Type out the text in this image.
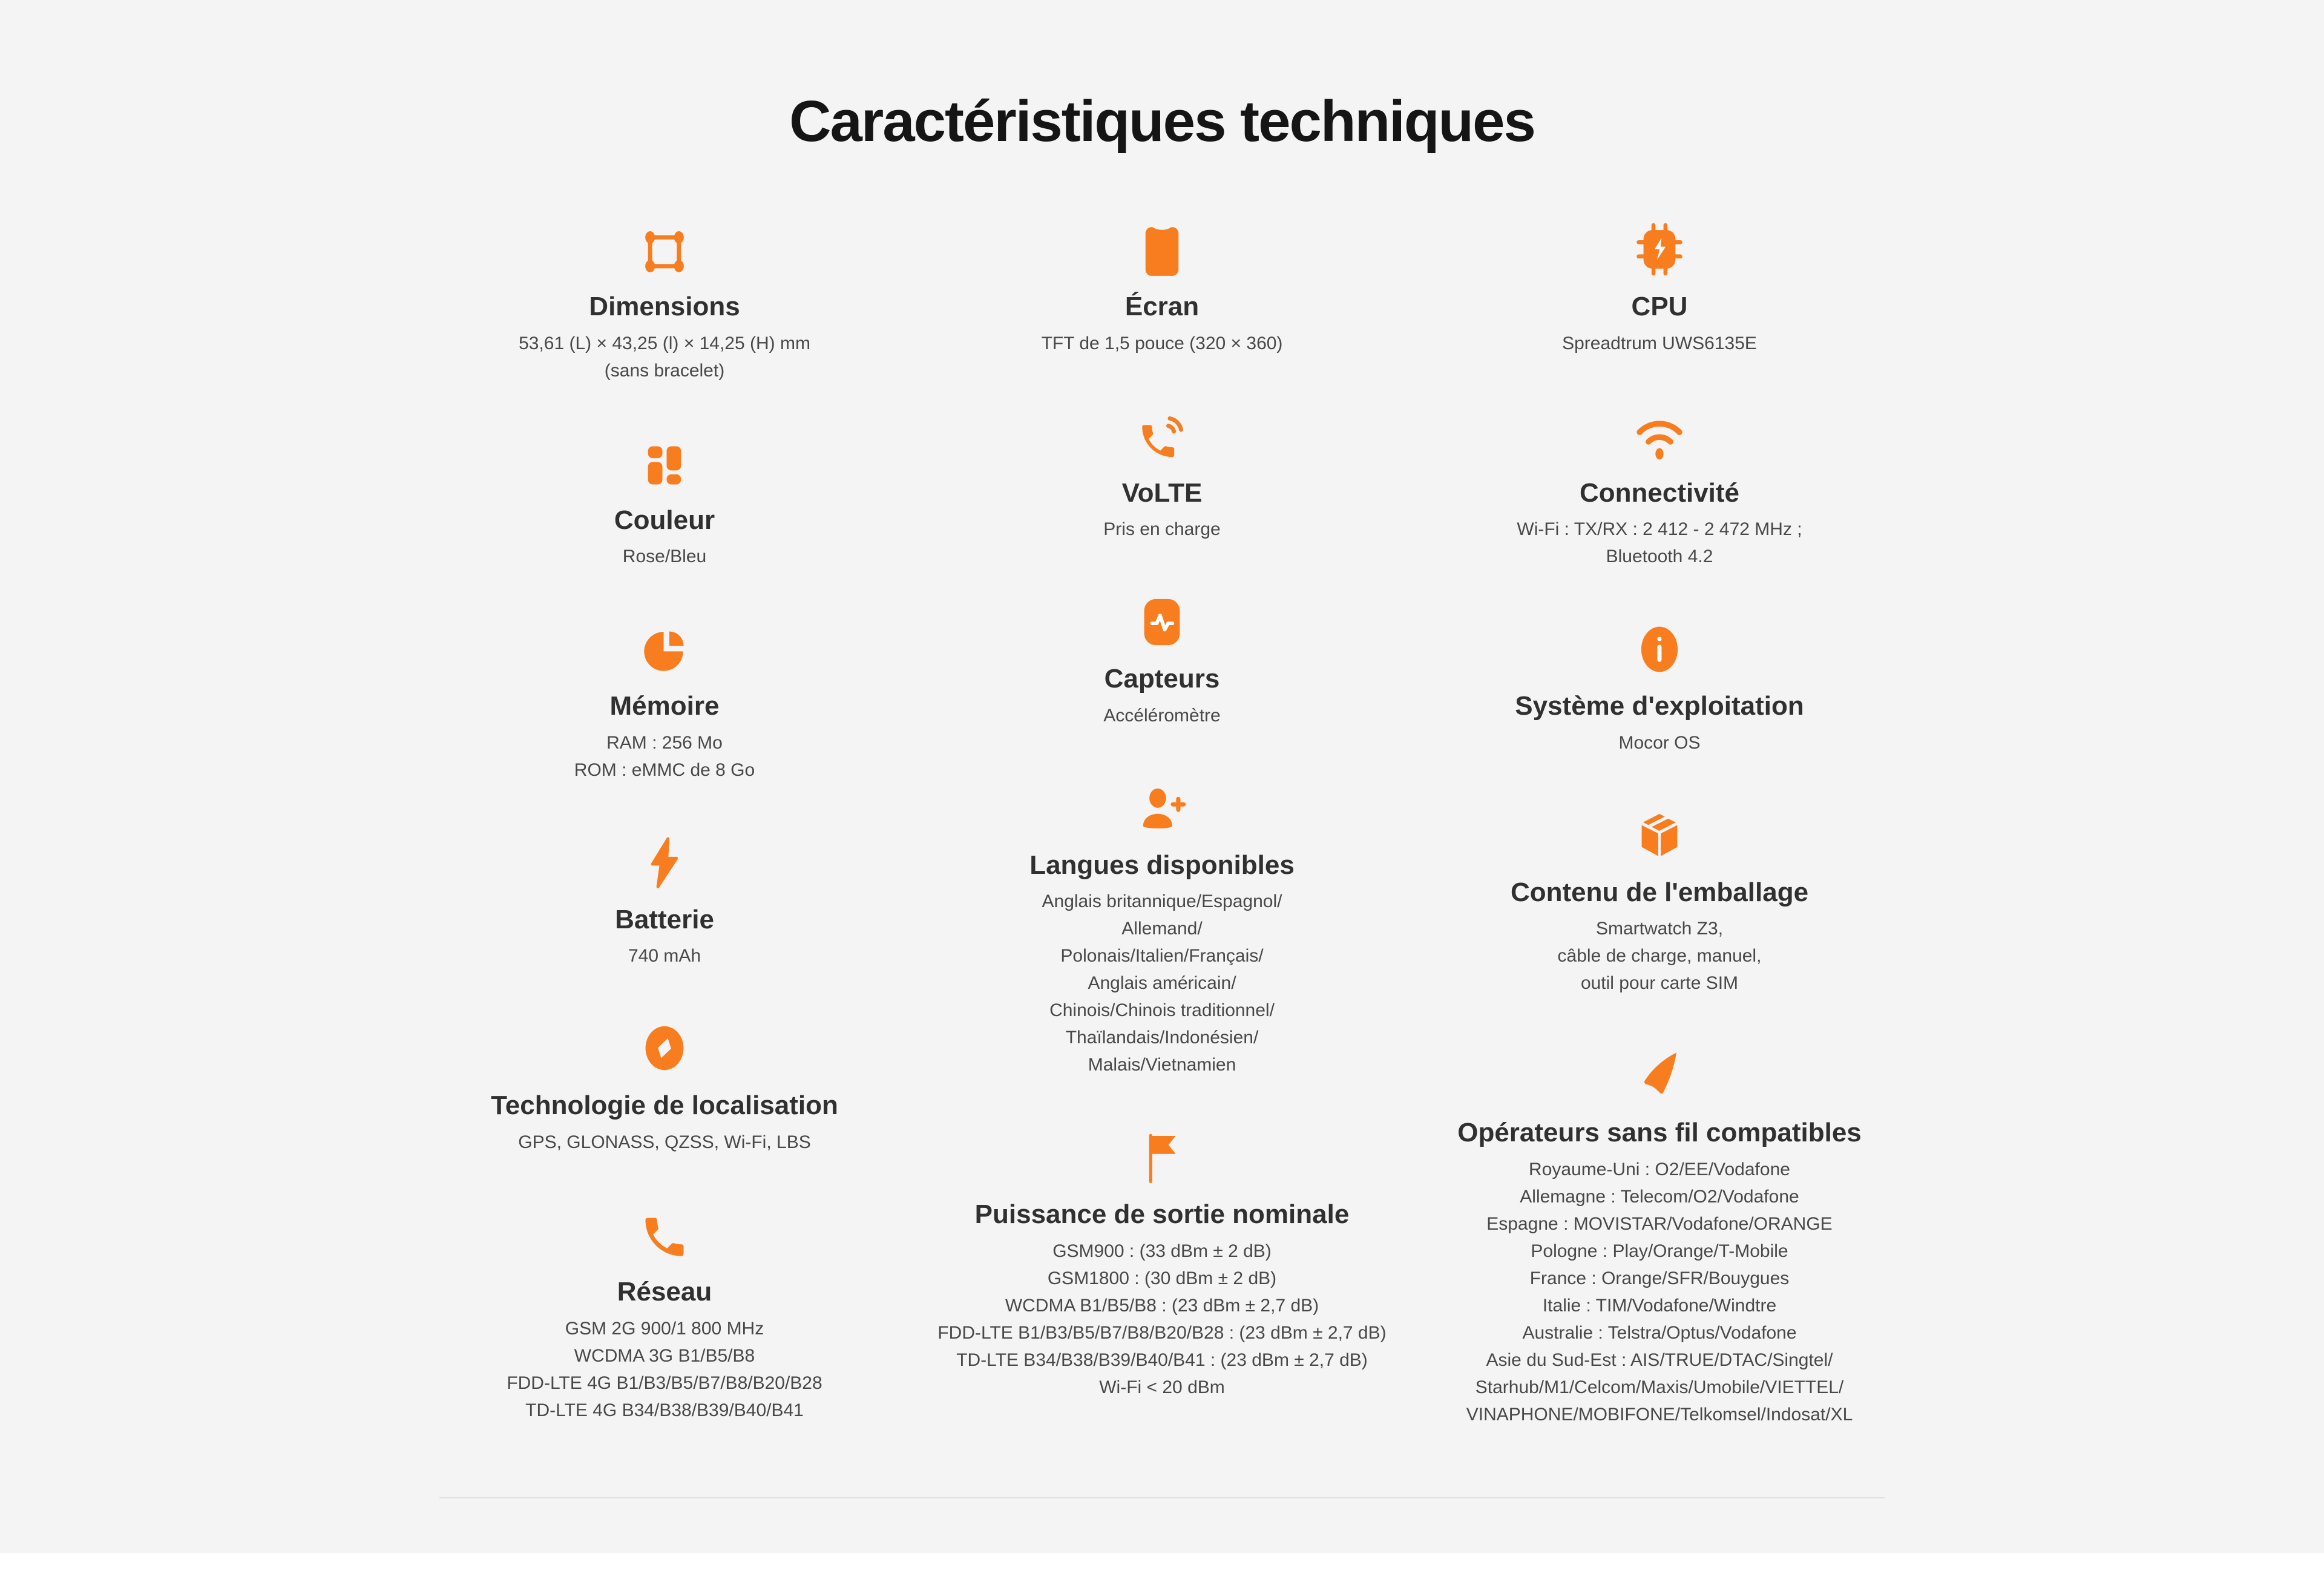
Caractéristiques techniques
Dimensions
53,61 (L) × 43,25 (l) × 14,25 (H) mm
(sans bracelet)
Couleur
Rose/Bleu
Mémoire
RAM : 256 Mo
ROM : eMMC de 8 Go
Batterie
740 mAh
Technologie de localisation
GPS, GLONASS, QZSS, Wi-Fi, LBS
Réseau
GSM 2G 900/1 800 MHz
WCDMA 3G B1/B5/B8
FDD-LTE 4G B1/B3/B5/B7/B8/B20/B28
TD-LTE 4G B34/B38/B39/B40/B41
Écran
TFT de 1,5 pouce (320 × 360)
VoLTE
Pris en charge
Capteurs
Accéléromètre
Langues disponibles
Anglais britannique/Espagnol/
Allemand/
Polonais/Italien/Français/
Anglais américain/
Chinois/Chinois traditionnel/
Thaïlandais/Indonésien/
Malais/Vietnamien
Puissance de sortie nominale
GSM900 : (33 dBm ± 2 dB)
GSM1800 : (30 dBm ± 2 dB)
WCDMA B1/B5/B8 : (23 dBm ± 2,7 dB)
FDD-LTE B1/B3/B5/B7/B8/B20/B28 : (23 dBm ± 2,7 dB)
TD-LTE B34/B38/B39/B40/B41 : (23 dBm ± 2,7 dB)
Wi-Fi < 20 dBm
CPU
Spreadtrum UWS6135E
Connectivité
Wi-Fi : TX/RX : 2 412 - 2 472 MHz ;
Bluetooth 4.2
Système d'exploitation
Mocor OS
Contenu de l'emballage
Smartwatch Z3,
câble de charge, manuel,
outil pour carte SIM
Opérateurs sans fil compatibles
Royaume-Uni : O2/EE/Vodafone
Allemagne : Telecom/O2/Vodafone
Espagne : MOVISTAR/Vodafone/ORANGE
Pologne : Play/Orange/T-Mobile
France : Orange/SFR/Bouygues
Italie : TIM/Vodafone/Windtre
Australie : Telstra/Optus/Vodafone
Asie du Sud-Est : AIS/TRUE/DTAC/Singtel/
Starhub/M1/Celcom/Maxis/Umobile/VIETTEL/
VINAPHONE/MOBIFONE/Telkomsel/Indosat/XL
